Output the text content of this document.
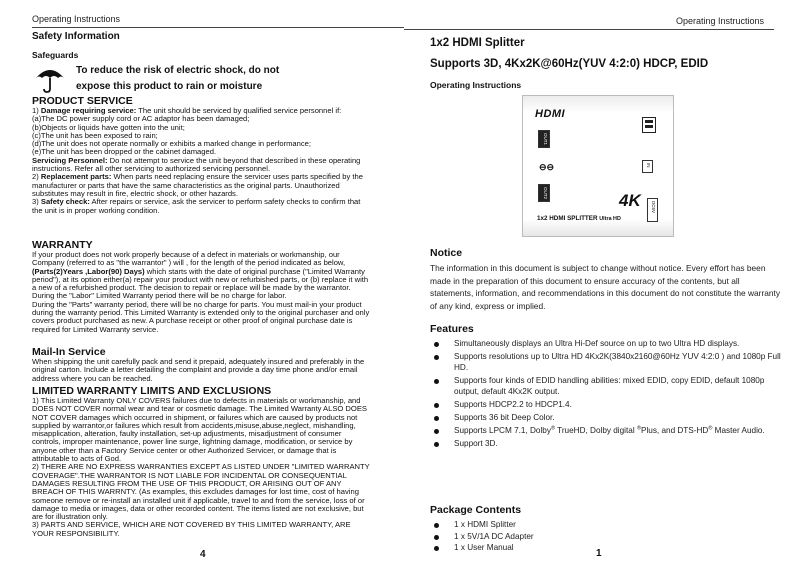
Operating Instructions
Safety Information
Safeguards
To reduce the risk of electric shock, do not
expose this product to rain or moisture

PRODUCT SERVICE

1) Damage requiring service: The unit should be serviced by qualified service personnel if:

(a)The DC power supply cord or AC adaptor has been damaged;

(b)Objects or liquids have gotten into the unit;

(c)The unit has been exposed to rain;

(d)The unit does not operate normally or exhibits a marked change in performance;

(e)The unit has been dropped or the cabinet damaged.

Servicing Personnel: Do not attempt to service the unit beyond that described in these operating instructions. Refer all other servicing to authorized servicing personnel.

2) Replacement parts: When parts need replacing ensure the servicer uses parts specified by the manufacturer or parts that have the same characteristics as the original parts. Unauthorized substitutes may result in fire, electric shock, or other hazards.

3) Safety check: After repairs or service, ask the servicer to perform safety checks to confirm that the unit is in proper working condition.

WARRANTY

If your product does not work properly because of a defect in materials or workmanship, our Company (referred to as "the warrantor" ) will , for the length of the period indicated as below, (Parts(2)Years ,Labor(90) Days) which starts with the date of original purchase ("Limited Warranty period"), at its option either(a) repair your product with new or refurbished parts, or (b) replace it with a new of a refurbished product. The decision to repair or replace will be made by the warrantor.

During the "Labor" Limited Warranty period there will be no charge for labor.

During the "Parts" warranty period, there will be no charge for parts. You must mail-in your product during the warranty period. This Limited Warranty is extended only to the original purchaser and only covers product purchased as new. A purchase receipt or other proof of original purchase date is required for Limited Warranty service.

Mail-In Service

When shipping the unit carefully pack and send it prepaid, adequately insured and preferably in the original carton. Include a letter detailing the complaint and provide a day time phone and/or email address where you can be reached.

LIMITED WARRANTY LIMITS AND EXCLUSIONS

1) This Limited Warranty ONLY COVERS failures due to defects in materials or workmanship, and DOES NOT COVER normal wear and tear or cosmetic damage. The Limited Warranty ALSO DOES NOT COVER damages which occurred in shipment, or failures which are caused by products not supplied by warrantor,or failures which result from accidents,misuse,abuse,neglect, mishandling, misapplication, alteration, faulty installation, set-up adjustments, misadjustment of consumer controls, improper maintenance, power line surge, lightning damage, modification, or service by anyone other than a Factory Service center or other Authorized Servicer, or damage that is attributable to acts of God.

2) THERE ARE NO EXPRESS WARRANTIES EXCEPT AS LISTED UNDER "LIMITED WARRANTY COVERAGE".THE WARRANTOR IS NOT LIABLE FOR INCIDENTAL OR CONSEQUENTIAL DAMAGES RESULTING FROM THE USE OF THIS PRODUCT, OR ARISING OUT OF ANY BREACH OF THIS WARRNTY. (As examples, this excludes damages for lost time, cost of having someone remove or re-install an installed unit if applicable, travel to and from the service, loss of or damage to media or images, data or other recorded content. The items listed are not exclusive, but are for illustration only.

3) PARTS AND SERVICE, WHICH ARE NOT COVERED BY THIS LIMITED WARRANTY, ARE YOUR RESPONSIBILITY.

4
Operating Instructions
1x2 HDMI Splitter
Supports 3D, 4Kx2K@60Hz(YUV 4:2:0) HDCP, EDID
Operating Instructions
HDMI
OUT1
⊖⊖	IN
OUT2	4K
1x2 HDMI SPLITTER Ultra HD
DC5V

Notice

The information in this document is subject to change without notice. Every effort has been made in the preparation of this document to ensure accuracy of the contents, but all statements, information, and recommendations in this document do not constitute the warranty of any kind, express or implied.

Features

Simultaneously displays an Ultra Hi-Def source on up to two Ultra HD displays.
Supports resolutions up to Ultra HD 4Kx2K(3840x2160@60Hz YUV 4:2:0 ) and 1080p Full HD.
Supports four kinds of EDID handling abilities: mixed EDID, copy EDID, default 1080p output, default 4Kx2K output.
Supports HDCP2.2 to HDCP1.4.
Supports 36 bit Deep Color.
Supports LPCM 7.1, Dolby® TrueHD, Dolby digital ®Plus, and DTS-HD® Master Audio.
Support 3D.

Package Contents

1 x HDMI Splitter
1 x 5V/1A DC Adapter
1 x User Manual
1
